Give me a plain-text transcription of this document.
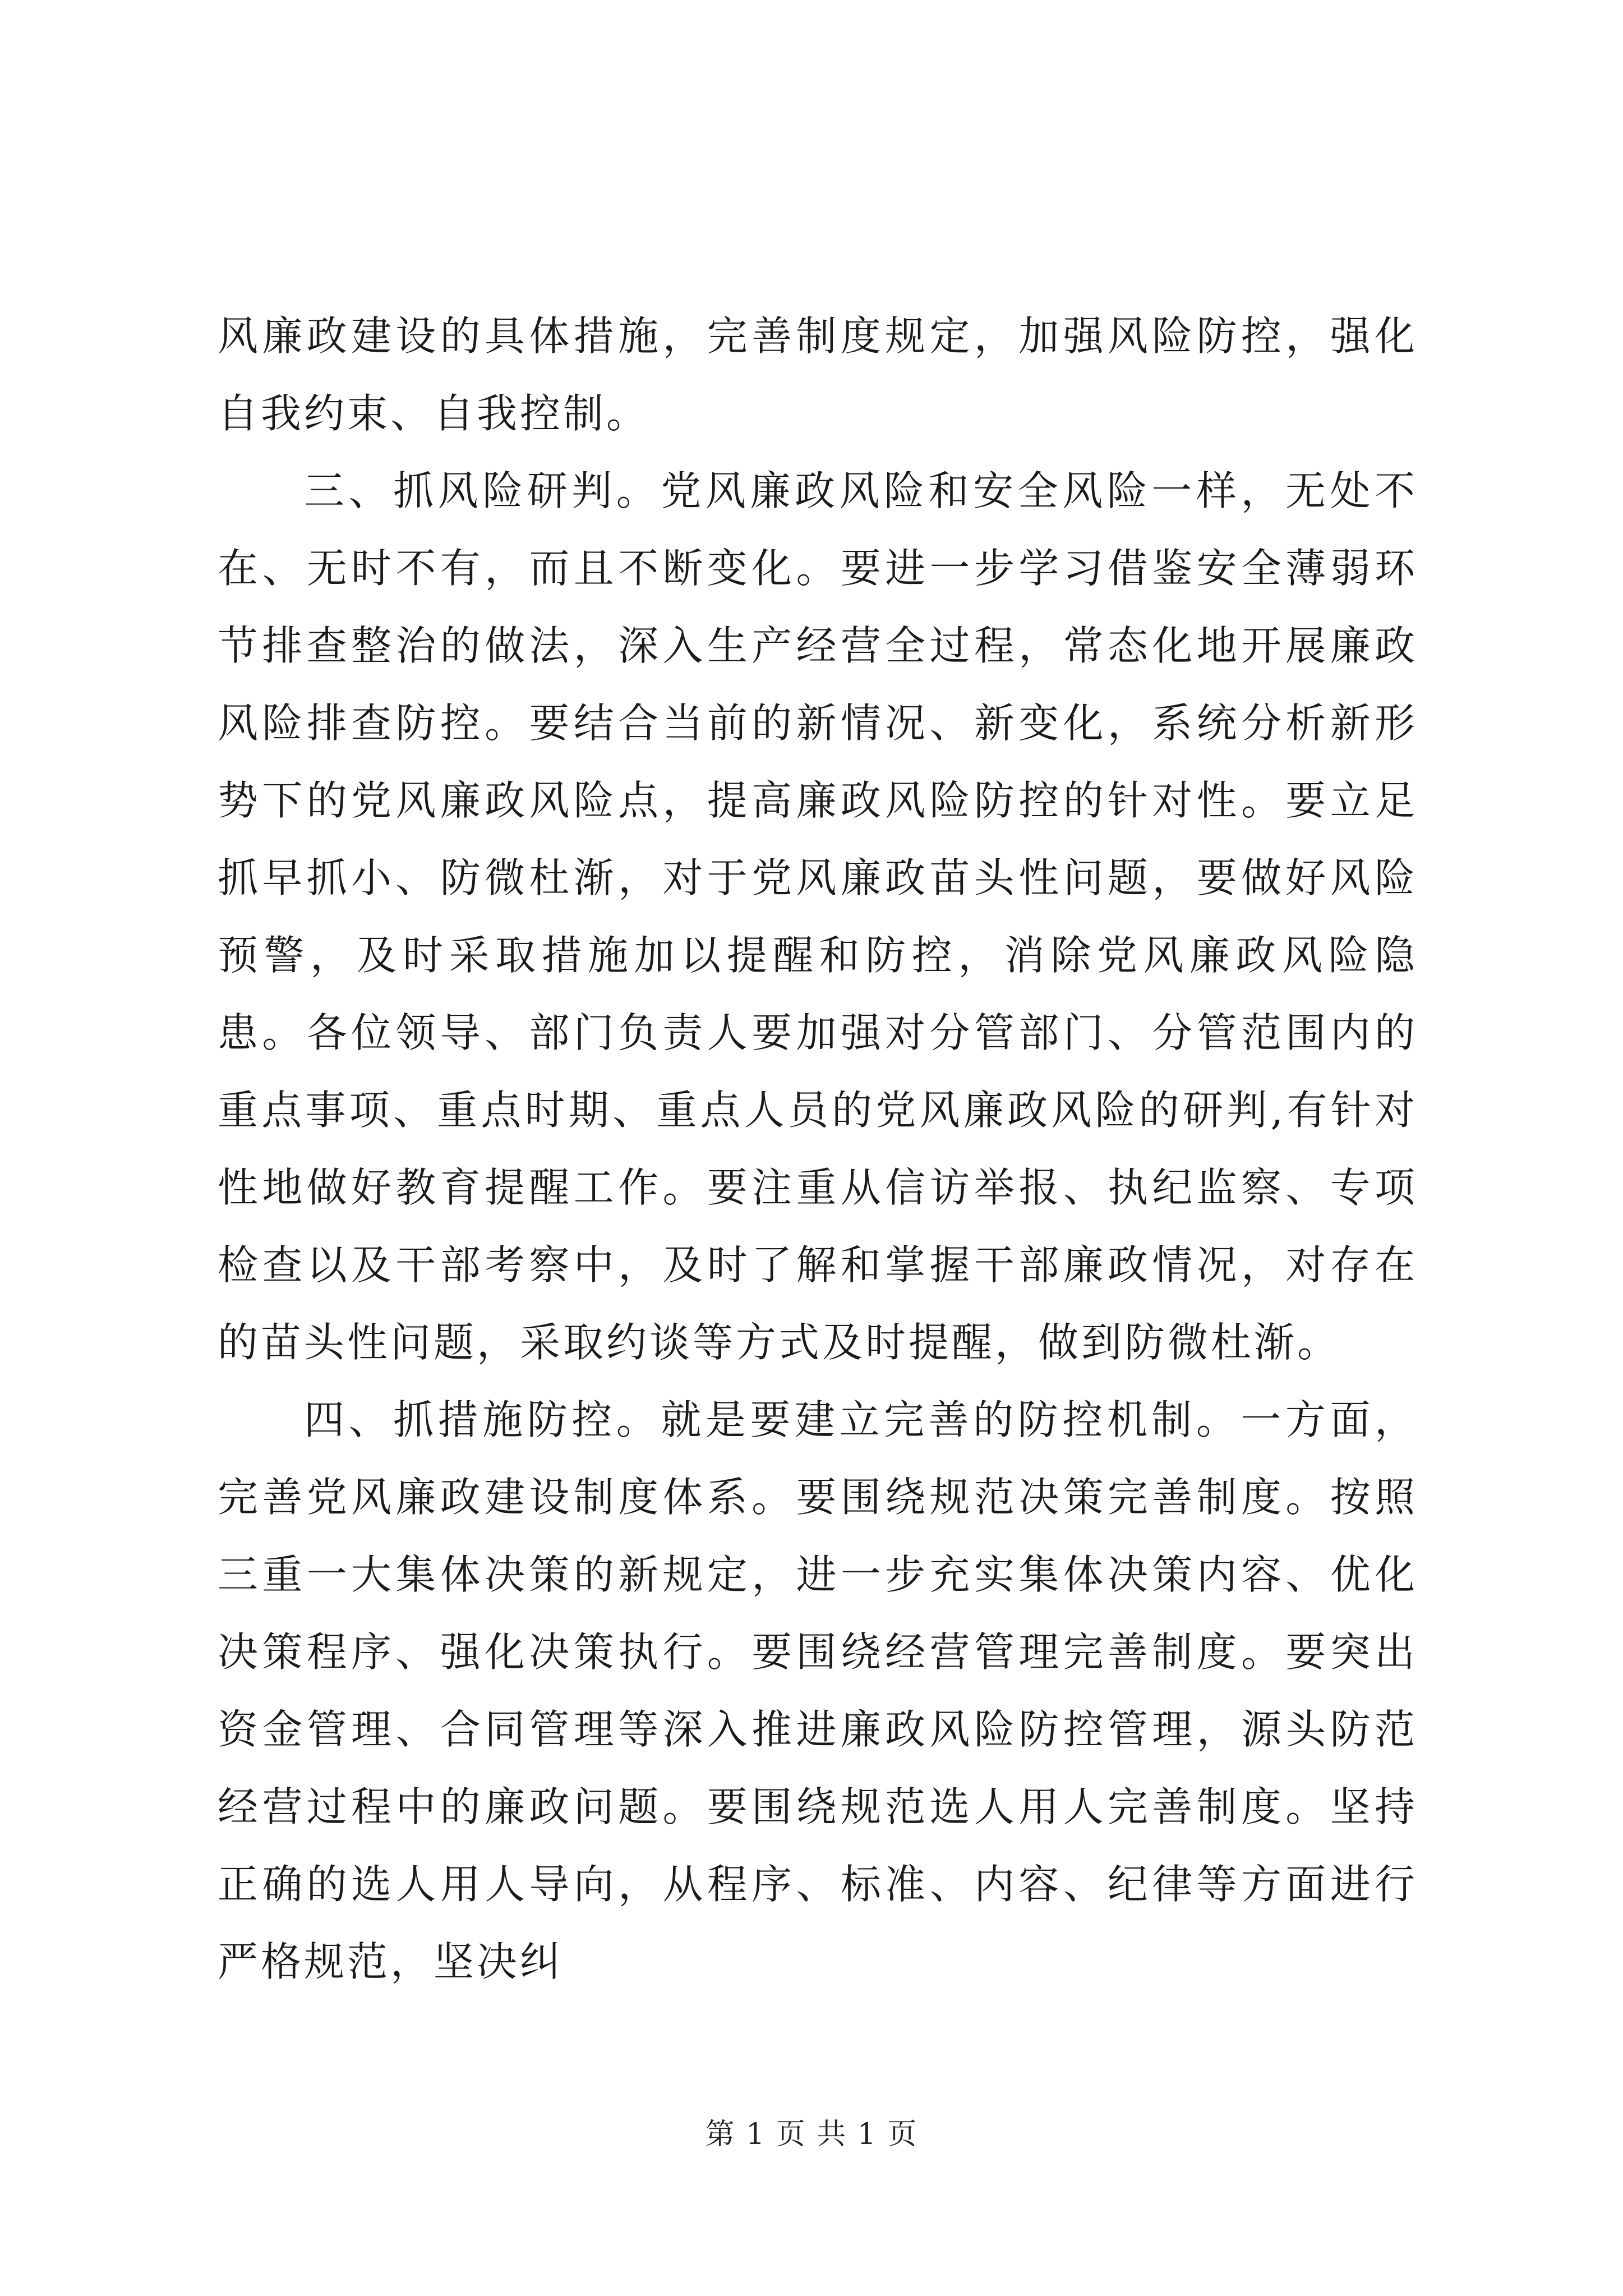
风廉政建设的具体措施，完善制度规定，加强风险防控，强化自我约束、自我控制。

三、抓风险研判。党风廉政风险和安全风险一样，无处不在、无时不有，而且不断变化。要进一步学习借鉴安全薄弱环节排查整治的做法，深入生产经营全过程，常态化地开展廉政风险排查防控。要结合当前的新情况、新变化，系统分析新形势下的党风廉政风险点，提高廉政风险防控的针对性。要立足抓早抓小、防微杜渐，对于党风廉政苗头性问题，要做好风险预警，及时采取措施加以提醒和防控，消除党风廉政风险隐患。各位领导、部门负责人要加强对分管部门、分管范围内的重点事项、重点时期、重点人员的党风廉政风险的研判,有针对性地做好教育提醒工作。要注重从信访举报、执纪监察、专项检查以及干部考察中，及时了解和掌握干部廉政情况，对存在的苗头性问题，采取约谈等方式及时提醒，做到防微杜渐。

四、抓措施防控。就是要建立完善的防控机制。一方面，完善党风廉政建设制度体系。要围绕规范决策完善制度。按照三重一大集体决策的新规定，进一步充实集体决策内容、优化决策程序、强化决策执行。要围绕经营管理完善制度。要突出资金管理、合同管理等深入推进廉政风险防控管理，源头防范经营过程中的廉政问题。要围绕规范选人用人完善制度。坚持正确的选人用人导向，从程序、标准、内容、纪律等方面进行严格规范，坚决纠

第 1 页 共 1 页
